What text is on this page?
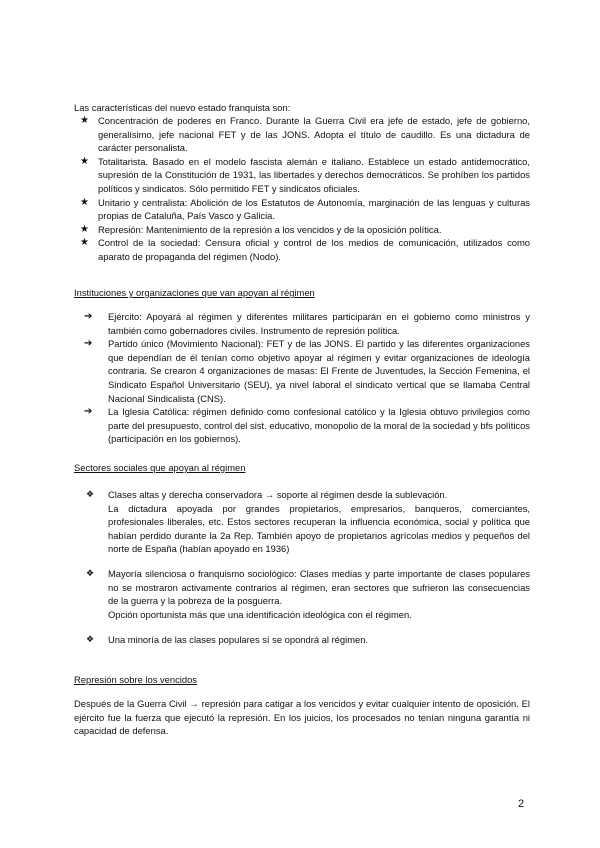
Las características del nuevo estado franquista son:
★ Concentración de poderes en Franco. Durante la Guerra Civil era jefe de estado, jefe de gobierno, generalísimo, jefe nacional FET y de las JONS. Adopta el título de caudillo. Es una dictadura de carácter personalista.
★ Totalitarista. Basado en el modelo fascista alemán e italiano. Establece un estado antidemocrático, supresión de la Constitución de 1931, las libertades y derechos democráticos. Se prohíben los partidos políticos y sindicatos. Sólo permitido FET y sindicatos oficiales.
★ Unitario y centralista: Abolición de los Estatutos de Autonomía, marginación de las lenguas y culturas propias de Cataluña, País Vasco y Galicia.
★ Represión: Mantenimiento de la represión a los vencidos y de la oposición política.
★ Control de la sociedad: Censura oficial y control de los medios de comunicación, utilizados como aparato de propaganda del régimen (Nodo).
Instituciones y organizaciones que van apoyan al régimen
➔ Ejército: Apoyará al régimen y diferentes militares participarán en el gobierno como ministros y también como gobernadores civiles. Instrumento de represión política.
➔ Partido único (Movimiento Nacional): FET y de las JONS. El partido y las diferentes organizaciones que dependían de él tenían como objetivo apoyar al régimen y evitar organizaciones de ideología contraria. Se crearon 4 organizaciones de masas: El Frente de Juventudes, la Sección Femenina, el Sindicato Español Universitario (SEU), ya nivel laboral el sindicato vertical que se llamaba Central Nacional Sindicalista (CNS).
➔ La Iglesia Católica: régimen definido como confesional católico y la Iglesia obtuvo privilegios como parte del presupuesto, control del sist. educativo, monopolio de la moral de la sociedad y bfs políticos (participación en los gobiernos).
Sectores sociales que apoyan al régimen
❖ Clases altas y derecha conservadora → soporte al régimen desde la sublevación.
La dictadura apoyada por grandes propietarios, empresarios, banqueros, comerciantes, profesionales liberales, etc. Estos sectores recuperan la influencia económica, social y política que habían perdido durante la 2a Rep. También apoyo de propietarios agrícolas medios y pequeños del norte de España (habían apoyado en 1936)
❖ Mayoría silenciosa o franquismo sociológico: Clases medias y parte importante de clases populares no se mostraron activamente contrarios al régimen, eran sectores que sufrieron las consecuencias de la guerra y la pobreza de la posguerra.
Opción oportunista más que una identificación ideológica con el régimen.
❖ Una minoría de las clases populares sí se opondrá al régimen.
Represión sobre los vencidos
Después de la Guerra Civil → represión para catigar a los vencidos y evitar cualquier intento de oposición. El ejército fue la fuerza que ejecutó la represión. En los juicios, los procesados no tenían ninguna garantía ni capacidad de defensa.
2
